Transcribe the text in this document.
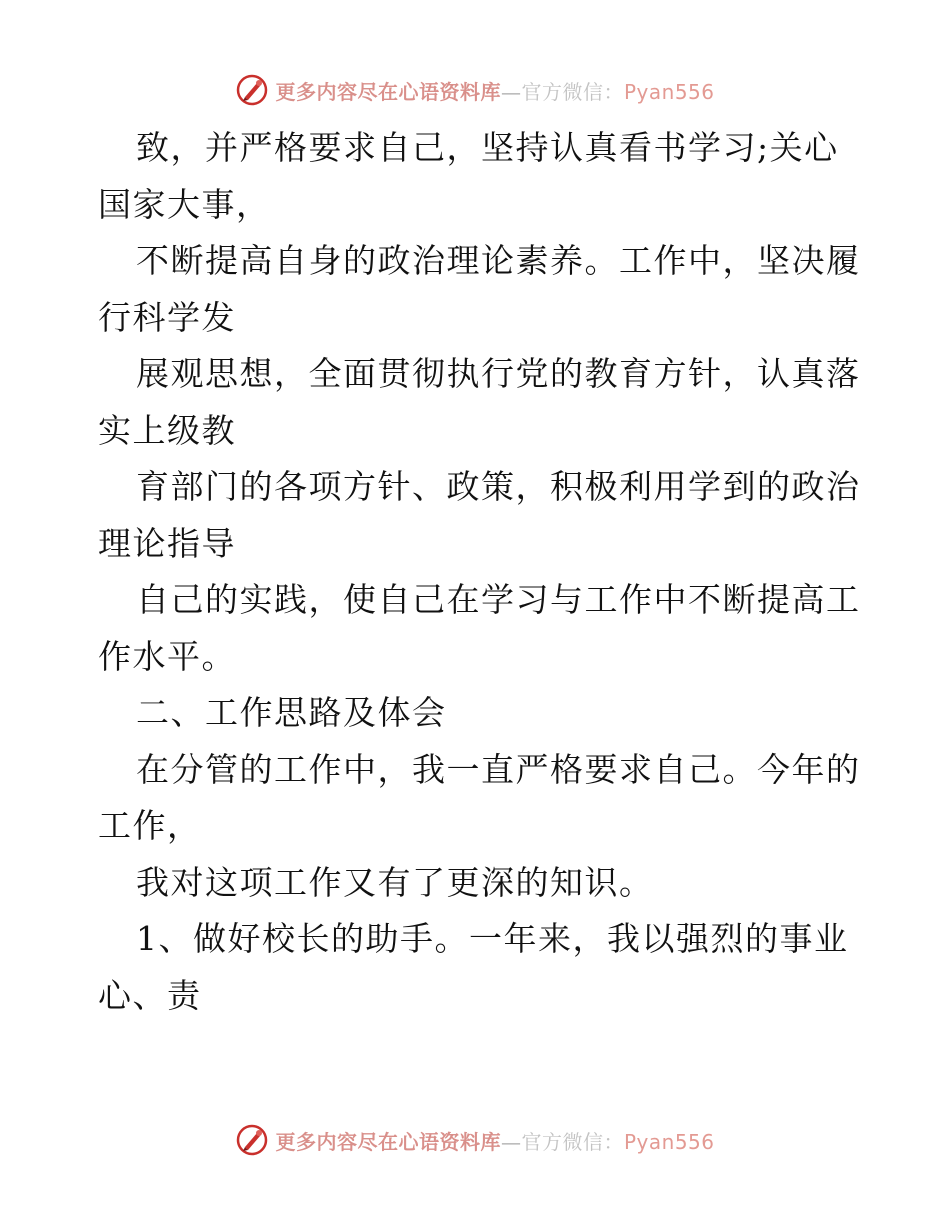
更多内容尽在心语资料库—官方微信：Pyan556
致，并严格要求自己，坚持认真看书学习;关心
国家大事，
不断提高自身的政治理论素养。工作中，坚决履
行科学发
展观思想，全面贯彻执行党的教育方针，认真落
实上级教
育部门的各项方针、政策，积极利用学到的政治
理论指导
自己的实践，使自己在学习与工作中不断提高工
作水平。
二、工作思路及体会
在分管的工作中，我一直严格要求自己。今年的
工作，
我对这项工作又有了更深的知识。
1、做好校长的助手。一年来，我以强烈的事业
心、责
更多内容尽在心语资料库—官方微信：Pyan556
